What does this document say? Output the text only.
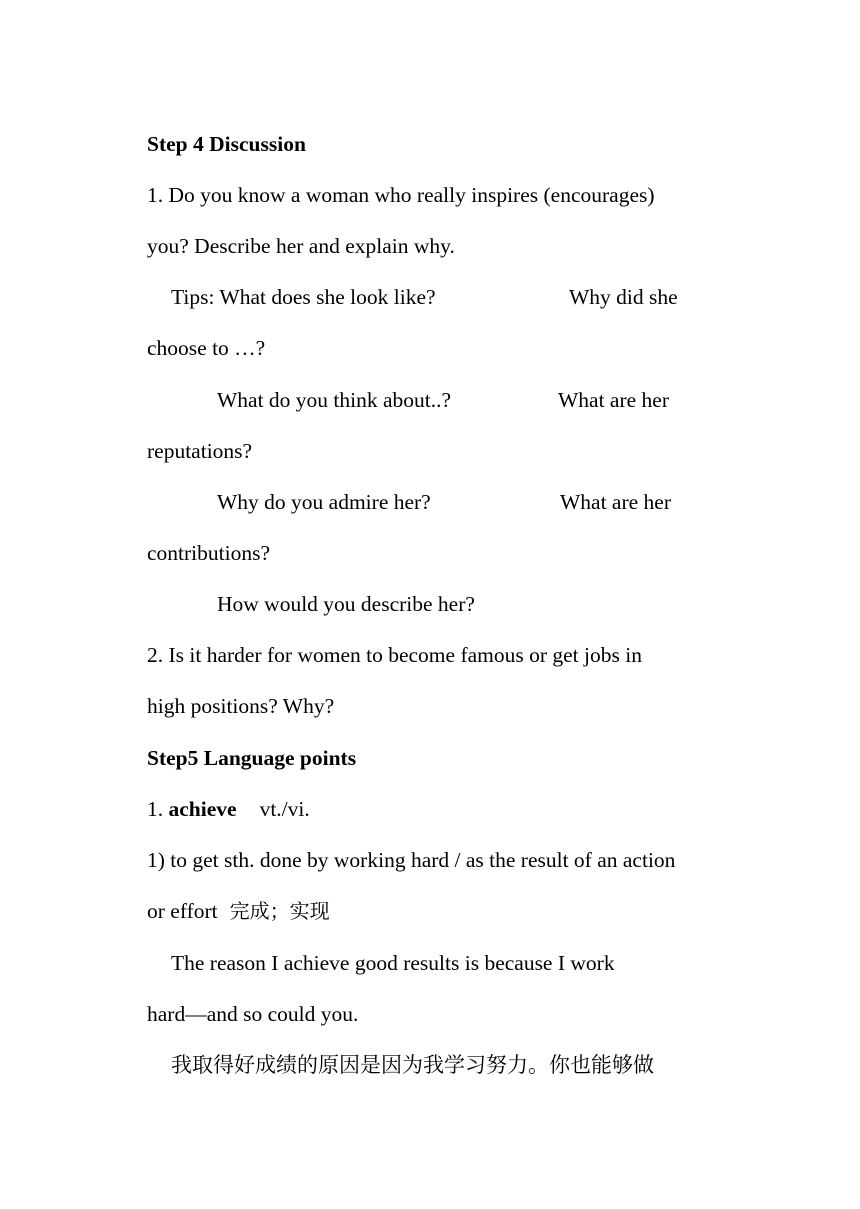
Step 4 Discussion
1. Do you know a woman who really inspires (encourages)
you? Describe her and explain why.
Tips: What does she look like?	Why did she
choose to …?
What do you think about..?	What are her
reputations?
Why do you admire her?	What are her
contributions?
How would you describe her?
2. Is it harder for women to become famous or get jobs in
high positions? Why?
Step5 Language points
1. achieve vt./vi.
1) to get sth. done by working hard / as the result of an action
or effort 完成；实现
The reason I achieve good results is because I work
hard—and so could you.
我取得好成绩的原因是因为我学习努力。你也能够做
